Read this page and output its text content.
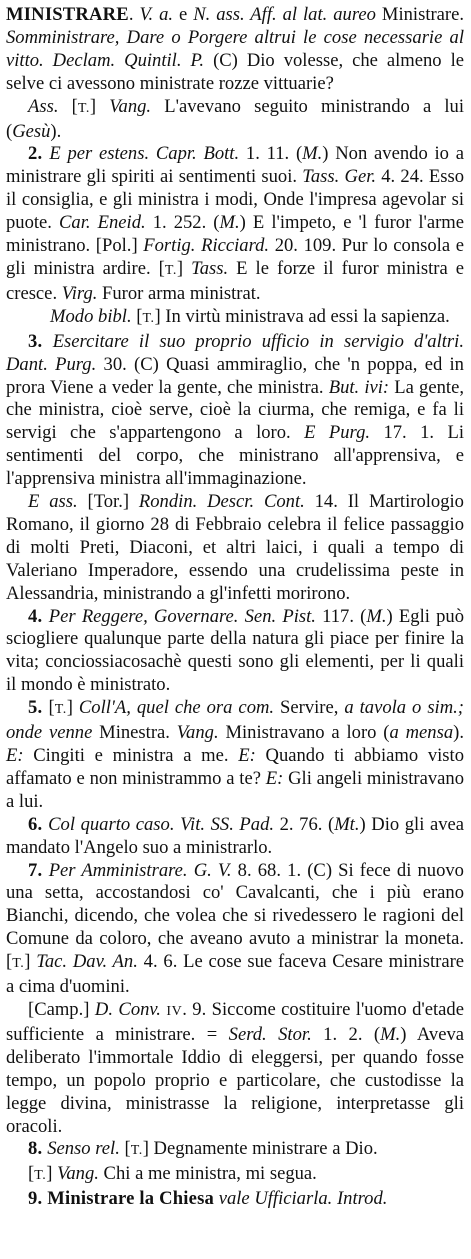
MINISTRARE. V. a. e N. ass. Aff. al lat. aureo Ministrare. Somministrare, Dare o Porgere altrui le cose necessarie al vitto. Declam. Quintil. P. (C) Dio volesse, che almeno le selve ci avessono ministrate rozze vittuarie?

Ass. [T.] Vang. L'avevano seguito ministrando a lui (Gesù).

2. E per estens. Capr. Bott. 1. 11. (M.) Non avendo io a ministrare gli spiriti ai sentimenti suoi. Tass. Ger. 4. 24. Esso il consiglia, e gli ministra i modi, Onde l'impresa agevolar si puote. Car. Eneid. 1. 252. (M.) E l'impeto, e 'l furor l'arme ministrano. [Pol.] Fortig. Ricciard. 20. 109. Pur lo consola e gli ministra ardire. [T.] Tass. E le forze il furor ministra e cresce. Virg. Furor arma ministrat.

Modo bibl. [T.] In virtù ministrava ad essi la sapienza.

3. Esercitare il suo proprio ufficio in servigio d'altri. Dant. Purg. 30. (C) Quasi ammiraglio, che 'n poppa, ed in prora Viene a veder la gente, che ministra. But. ivi: La gente, che ministra, cioè serve, cioè la ciurma, che remiga, e fa li servigi che s'appartengono a loro. E Purg. 17. 1. Li sentimenti del corpo, che ministrano all'apprensiva, e l'apprensiva ministra all'immaginazione.

E ass. [Tor.] Rondin. Descr. Cont. 14. Il Martirologio Romano, il giorno 28 di Febbraio celebra il felice passaggio di molti Preti, Diaconi, et altri laici, i quali a tempo di Valeriano Imperadore, essendo una crudelissima peste in Alessandria, ministrando a gl'infetti morirono.

4. Per Reggere, Governare. Sen. Pist. 117. (M.) Egli può sciogliere qualunque parte della natura gli piace per finire la vita; conciossiacosachè questi sono gli elementi, per li quali il mondo è ministrato.

5. [T.] Coll'A, quel che ora com. Servire, a tavola o sim.; onde venne Minestra. Vang. Ministravano a loro (a mensa). E: Cingiti e ministra a me. E: Quando ti abbiamo visto affamato e non ministrammo a te? E: Gli angeli ministravano a lui.

6. Col quarto caso. Vit. SS. Pad. 2. 76. (Mt.) Dio gli avea mandato l'Angelo suo a ministrarlo.

7. Per Amministrare. G. V. 8. 68. 1. (C) Si fece di nuovo una setta, accostandosi co' Cavalcanti, che i più erano Bianchi, dicendo, che volea che si rivedessero le ragioni del Comune da coloro, che aveano avuto a ministrar la moneta. [T.] Tac. Dav. An. 4. 6. Le cose sue faceva Cesare ministrare a cima d'uomini.

[Camp.] D. Conv. IV. 9. Siccome costituire l'uomo d'etade sufficiente a ministrare. = Serd. Stor. 1. 2. (M.) Aveva deliberato l'immortale Iddio di eleggersi, per quando fosse tempo, un popolo proprio e particolare, che custodisse la legge divina, ministrasse la religione, interpretasse gli oracoli.

8. Senso rel. [T.] Degnamente ministrare a Dio.

[T.] Vang. Chi a me ministra, mi segua.

9. Ministrare la Chiesa vale Ufficiarla. Introd.
